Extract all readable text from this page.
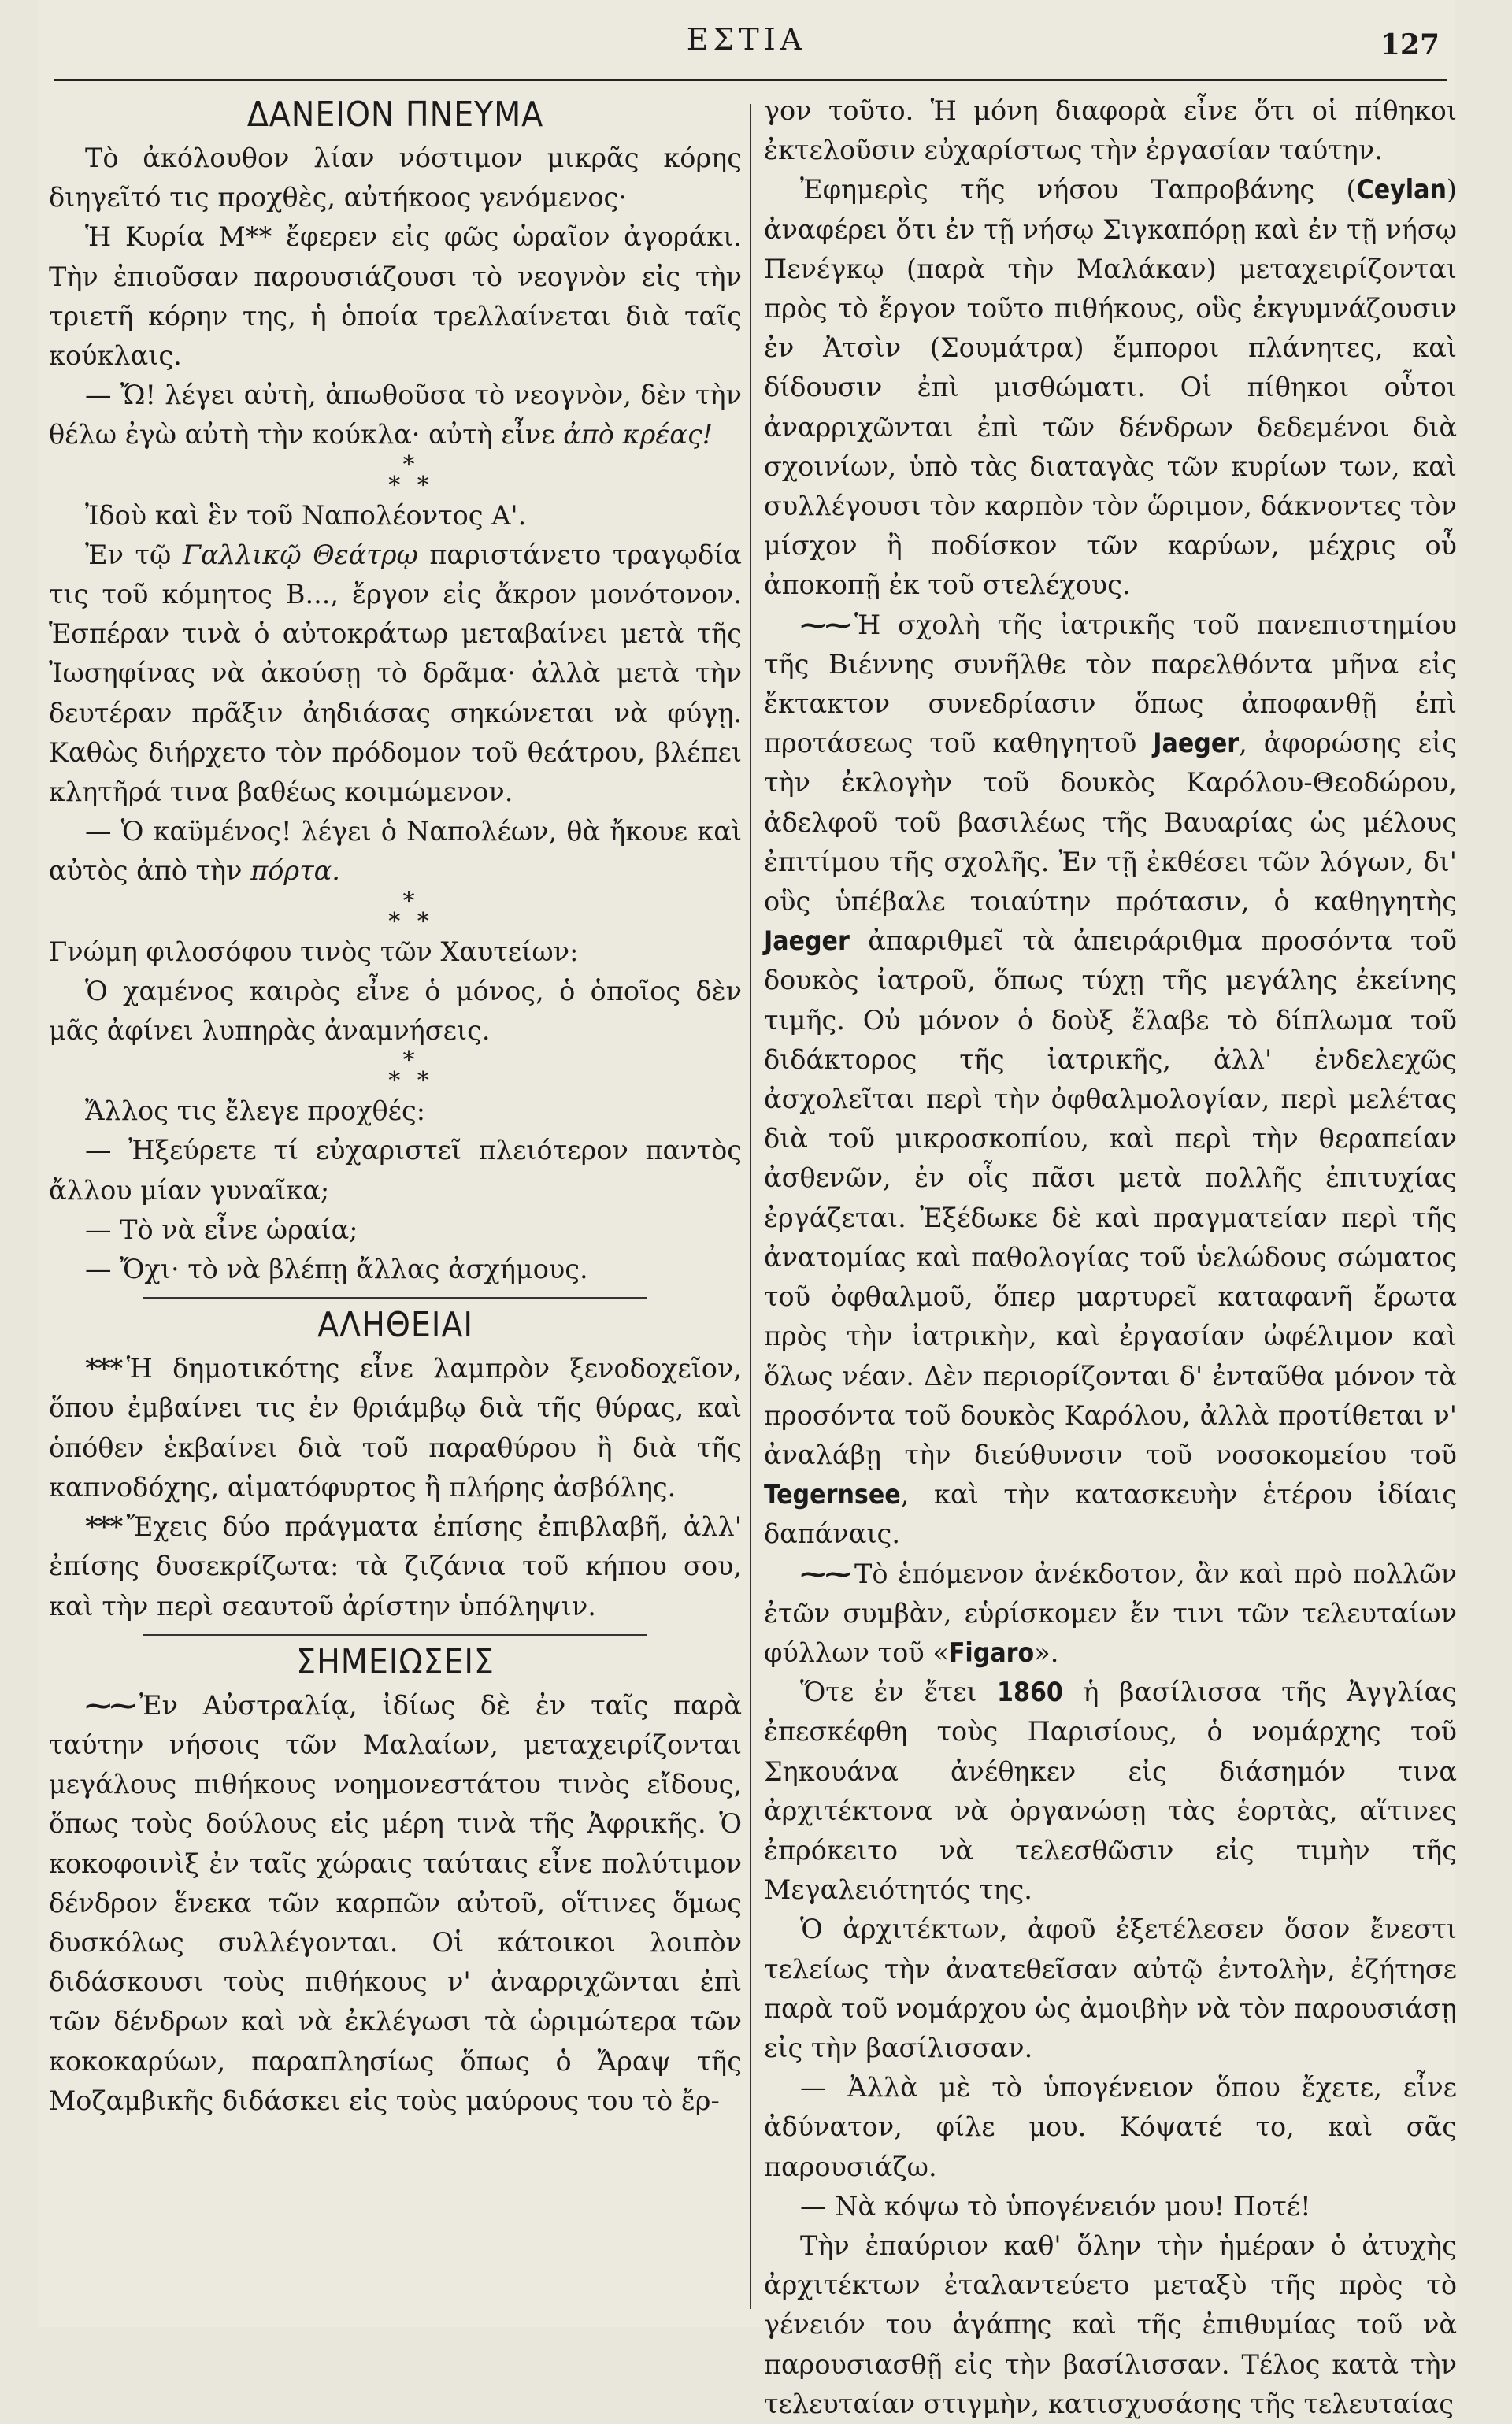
ΕΣΤΙΑ	127
ΔΑΝΕΙΟΝ ΠΝΕΥΜΑ

Τὸ ἀκόλουθον λίαν νόστιμον μικρᾶς κόρης διηγεῖτό τις προχθὲς, αὐτήκοος γενόμενος·

Ἡ Κυρία Μ** ἔφερεν εἰς φῶς ὡραῖον ἀγοράκι. Τὴν ἐπιοῦσαν παρουσιάζουσι τὸ νεογνὸν εἰς τὴν τριετῆ κόρην της, ἡ ὁποία τρελλαίνεται διὰ ταῖς κούκλαις.

— Ὤ! λέγει αὐτὴ, ἀπωθοῦσα τὸ νεογνὸν, δὲν τὴν θέλω ἐγὼ αὐτὴ τὴν κούκλα· αὐτὴ εἶνε ἀπὸ κρέας!

*
* *

Ἰδοὺ καὶ ἓν τοῦ Ναπολέοντος Α'.

Ἐν τῷ Γαλλικῷ Θεάτρῳ παριστάνετο τραγῳδία τις τοῦ κόμητος Β..., ἔργον εἰς ἄκρον μονότονον. Ἑσπέραν τινὰ ὁ αὐτοκράτωρ μεταβαίνει μετὰ τῆς Ἰωσηφίνας νὰ ἀκούσῃ τὸ δρᾶμα· ἀλλὰ μετὰ τὴν δευτέραν πρᾶξιν ἀηδιάσας σηκώνεται νὰ φύγῃ. Καθὼς διήρχετο τὸν πρόδομον τοῦ θεάτρου, βλέπει κλητῆρά τινα βαθέως κοιμώμενον.

— Ὁ καϋμένος! λέγει ὁ Ναπολέων, θὰ ἤκουε καὶ αὐτὸς ἀπὸ τὴν πόρτα.

*
* *

Γνώμη φιλοσόφου τινὸς τῶν Χαυτείων:

Ὁ χαμένος καιρὸς εἶνε ὁ μόνος, ὁ ὁποῖος δὲν μᾶς ἀφίνει λυπηρὰς ἀναμνήσεις.

*
* *

Ἄλλος τις ἔλεγε προχθές:

— Ἠξεύρετε τί εὐχαριστεῖ πλειότερον παντὸς ἄλλου μίαν γυναῖκα;

— Τὸ νὰ εἶνε ὡραία;

— Ὄχι· τὸ νὰ βλέπῃ ἄλλας ἀσχήμους.

ΑΛΗΘΕΙΑΙ

*** Ἡ δημοτικότης εἶνε λαμπρὸν ξενοδοχεῖον, ὅπου ἐμβαίνει τις ἐν θριάμβῳ διὰ τῆς θύρας, καὶ ὁπόθεν ἐκβαίνει διὰ τοῦ παραθύρου ἢ διὰ τῆς καπνοδόχης, αἱματόφυρτος ἢ πλήρης ἀσβόλης.

*** Ἔχεις δύο πράγματα ἐπίσης ἐπιβλαβῆ, ἀλλ' ἐπίσης δυσεκρίζωτα: τὰ ζιζάνια τοῦ κήπου σου, καὶ τὴν περὶ σεαυτοῦ ἀρίστην ὑπόληψιν.

ΣΗΜΕΙΩΣΕΙΣ

⁓⁓ Ἐν Αὐστραλίᾳ, ἰδίως δὲ ἐν ταῖς παρὰ ταύτην νήσοις τῶν Μαλαίων, μεταχειρίζονται μεγάλους πιθήκους νοημονεστάτου τινὸς εἴδους, ὅπως τοὺς δούλους εἰς μέρη τινὰ τῆς Ἀφρικῆς. Ὁ κοκοφοινὶξ ἐν ταῖς χώραις ταύταις εἶνε πολύτιμον δένδρον ἕνεκα τῶν καρπῶν αὐτοῦ, οἵτινες ὅμως δυσκόλως συλλέγονται. Οἱ κάτοικοι λοιπὸν διδάσκουσι τοὺς πιθήκους ν' ἀναρριχῶνται ἐπὶ τῶν δένδρων καὶ νὰ ἐκλέγωσι τὰ ὡριμώτερα τῶν κοκοκαρύων, παραπλησίως ὅπως ὁ Ἄραψ τῆς Μοζαμβικῆς διδάσκει εἰς τοὺς μαύρους του τὸ ἔρ-

γον τοῦτο. Ἡ μόνη διαφορὰ εἶνε ὅτι οἱ πίθηκοι ἐκτελοῦσιν εὐχαρίστως τὴν ἐργασίαν ταύτην.

Ἐφημερὶς τῆς νήσου Ταπροβάνης (Ceylan) ἀναφέρει ὅτι ἐν τῇ νήσῳ Σιγκαπόρῃ καὶ ἐν τῇ νήσῳ Πενέγκῳ (παρὰ τὴν Μαλάκαν) μεταχειρίζονται πρὸς τὸ ἔργον τοῦτο πιθήκους, οὓς ἐκγυμνάζουσιν ἐν Ἀτσὶν (Σουμάτρα) ἔμποροι πλάνητες, καὶ δίδουσιν ἐπὶ μισθώματι. Οἱ πίθηκοι οὗτοι ἀναρριχῶνται ἐπὶ τῶν δένδρων δεδεμένοι διὰ σχοινίων, ὑπὸ τὰς διαταγὰς τῶν κυρίων των, καὶ συλλέγουσι τὸν καρπὸν τὸν ὥριμον, δάκνοντες τὸν μίσχον ἢ ποδίσκον τῶν καρύων, μέχρις οὗ ἀποκοπῇ ἐκ τοῦ στελέχους.

⁓⁓ Ἡ σχολὴ τῆς ἰατρικῆς τοῦ πανεπιστημίου τῆς Βιέννης συνῆλθε τὸν παρελθόντα μῆνα εἰς ἔκτακτον συνεδρίασιν ὅπως ἀποφανθῇ ἐπὶ προτάσεως τοῦ καθηγητοῦ Jaeger, ἀφορώσης εἰς τὴν ἐκλογὴν τοῦ δουκὸς Καρόλου-Θεοδώρου, ἀδελφοῦ τοῦ βασιλέως τῆς Βαυαρίας ὡς μέλους ἐπιτίμου τῆς σχολῆς. Ἐν τῇ ἐκθέσει τῶν λόγων, δι' οὓς ὑπέβαλε τοιαύτην πρότασιν, ὁ καθηγητὴς Jaeger ἀπαριθμεῖ τὰ ἀπειράριθμα προσόντα τοῦ δουκὸς ἰατροῦ, ὅπως τύχῃ τῆς μεγάλης ἐκείνης τιμῆς. Οὐ μόνον ὁ δοὺξ ἔλαβε τὸ δίπλωμα τοῦ διδάκτορος τῆς ἰατρικῆς, ἀλλ' ἐνδελεχῶς ἀσχολεῖται περὶ τὴν ὀφθαλμολογίαν, περὶ μελέτας διὰ τοῦ μικροσκοπίου, καὶ περὶ τὴν θεραπείαν ἀσθενῶν, ἐν οἷς πᾶσι μετὰ πολλῆς ἐπιτυχίας ἐργάζεται. Ἐξέδωκε δὲ καὶ πραγματείαν περὶ τῆς ἀνατομίας καὶ παθολογίας τοῦ ὑελώδους σώματος τοῦ ὀφθαλμοῦ, ὅπερ μαρτυρεῖ καταφανῆ ἔρωτα πρὸς τὴν ἰατρικὴν, καὶ ἐργασίαν ὠφέλιμον καὶ ὅλως νέαν. Δὲν περιορίζονται δ' ἐνταῦθα μόνον τὰ προσόντα τοῦ δουκὸς Καρόλου, ἀλλὰ προτίθεται ν' ἀναλάβῃ τὴν διεύθυνσιν τοῦ νοσοκομείου τοῦ Tegernsee, καὶ τὴν κατασκευὴν ἑτέρου ἰδίαις δαπάναις.

⁓⁓ Τὸ ἑπόμενον ἀνέκδοτον, ἂν καὶ πρὸ πολλῶν ἐτῶν συμβὰν, εὑρίσκομεν ἔν τινι τῶν τελευταίων φύλλων τοῦ «Figaro».

Ὅτε ἐν ἔτει 1860 ἡ βασίλισσα τῆς Ἀγγλίας ἐπεσκέφθη τοὺς Παρισίους, ὁ νομάρχης τοῦ Σηκουάνα ἀνέθηκεν εἰς διάσημόν τινα ἀρχιτέκτονα νὰ ὀργανώσῃ τὰς ἑορτὰς, αἵτινες ἐπρόκειτο νὰ τελεσθῶσιν εἰς τιμὴν τῆς Μεγαλειότητός της.

Ὁ ἀρχιτέκτων, ἀφοῦ ἐξετέλεσεν ὅσον ἔνεστι τελείως τὴν ἀνατεθεῖσαν αὐτῷ ἐντολὴν, ἐζήτησε παρὰ τοῦ νομάρχου ὡς ἀμοιβὴν νὰ τὸν παρουσιάσῃ εἰς τὴν βασίλισσαν.

— Ἀλλὰ μὲ τὸ ὑπογένειον ὅπου ἔχετε, εἶνε ἀδύνατον, φίλε μου. Κόψατέ το, καὶ σᾶς παρουσιάζω.

— Νὰ κόψω τὸ ὑπογένειόν μου! Ποτέ!

Τὴν ἐπαύριον καθ' ὅλην τὴν ἡμέραν ὁ ἀτυχὴς ἀρχιτέκτων ἐταλαντεύετο μεταξὺ τῆς πρὸς τὸ γένειόν του ἀγάπης καὶ τῆς ἐπιθυμίας τοῦ νὰ παρουσιασθῇ εἰς τὴν βασίλισσαν. Τέλος κατὰ τὴν τελευταίαν στιγμὴν, κατισχυσάσης τῆς τελευταίας
